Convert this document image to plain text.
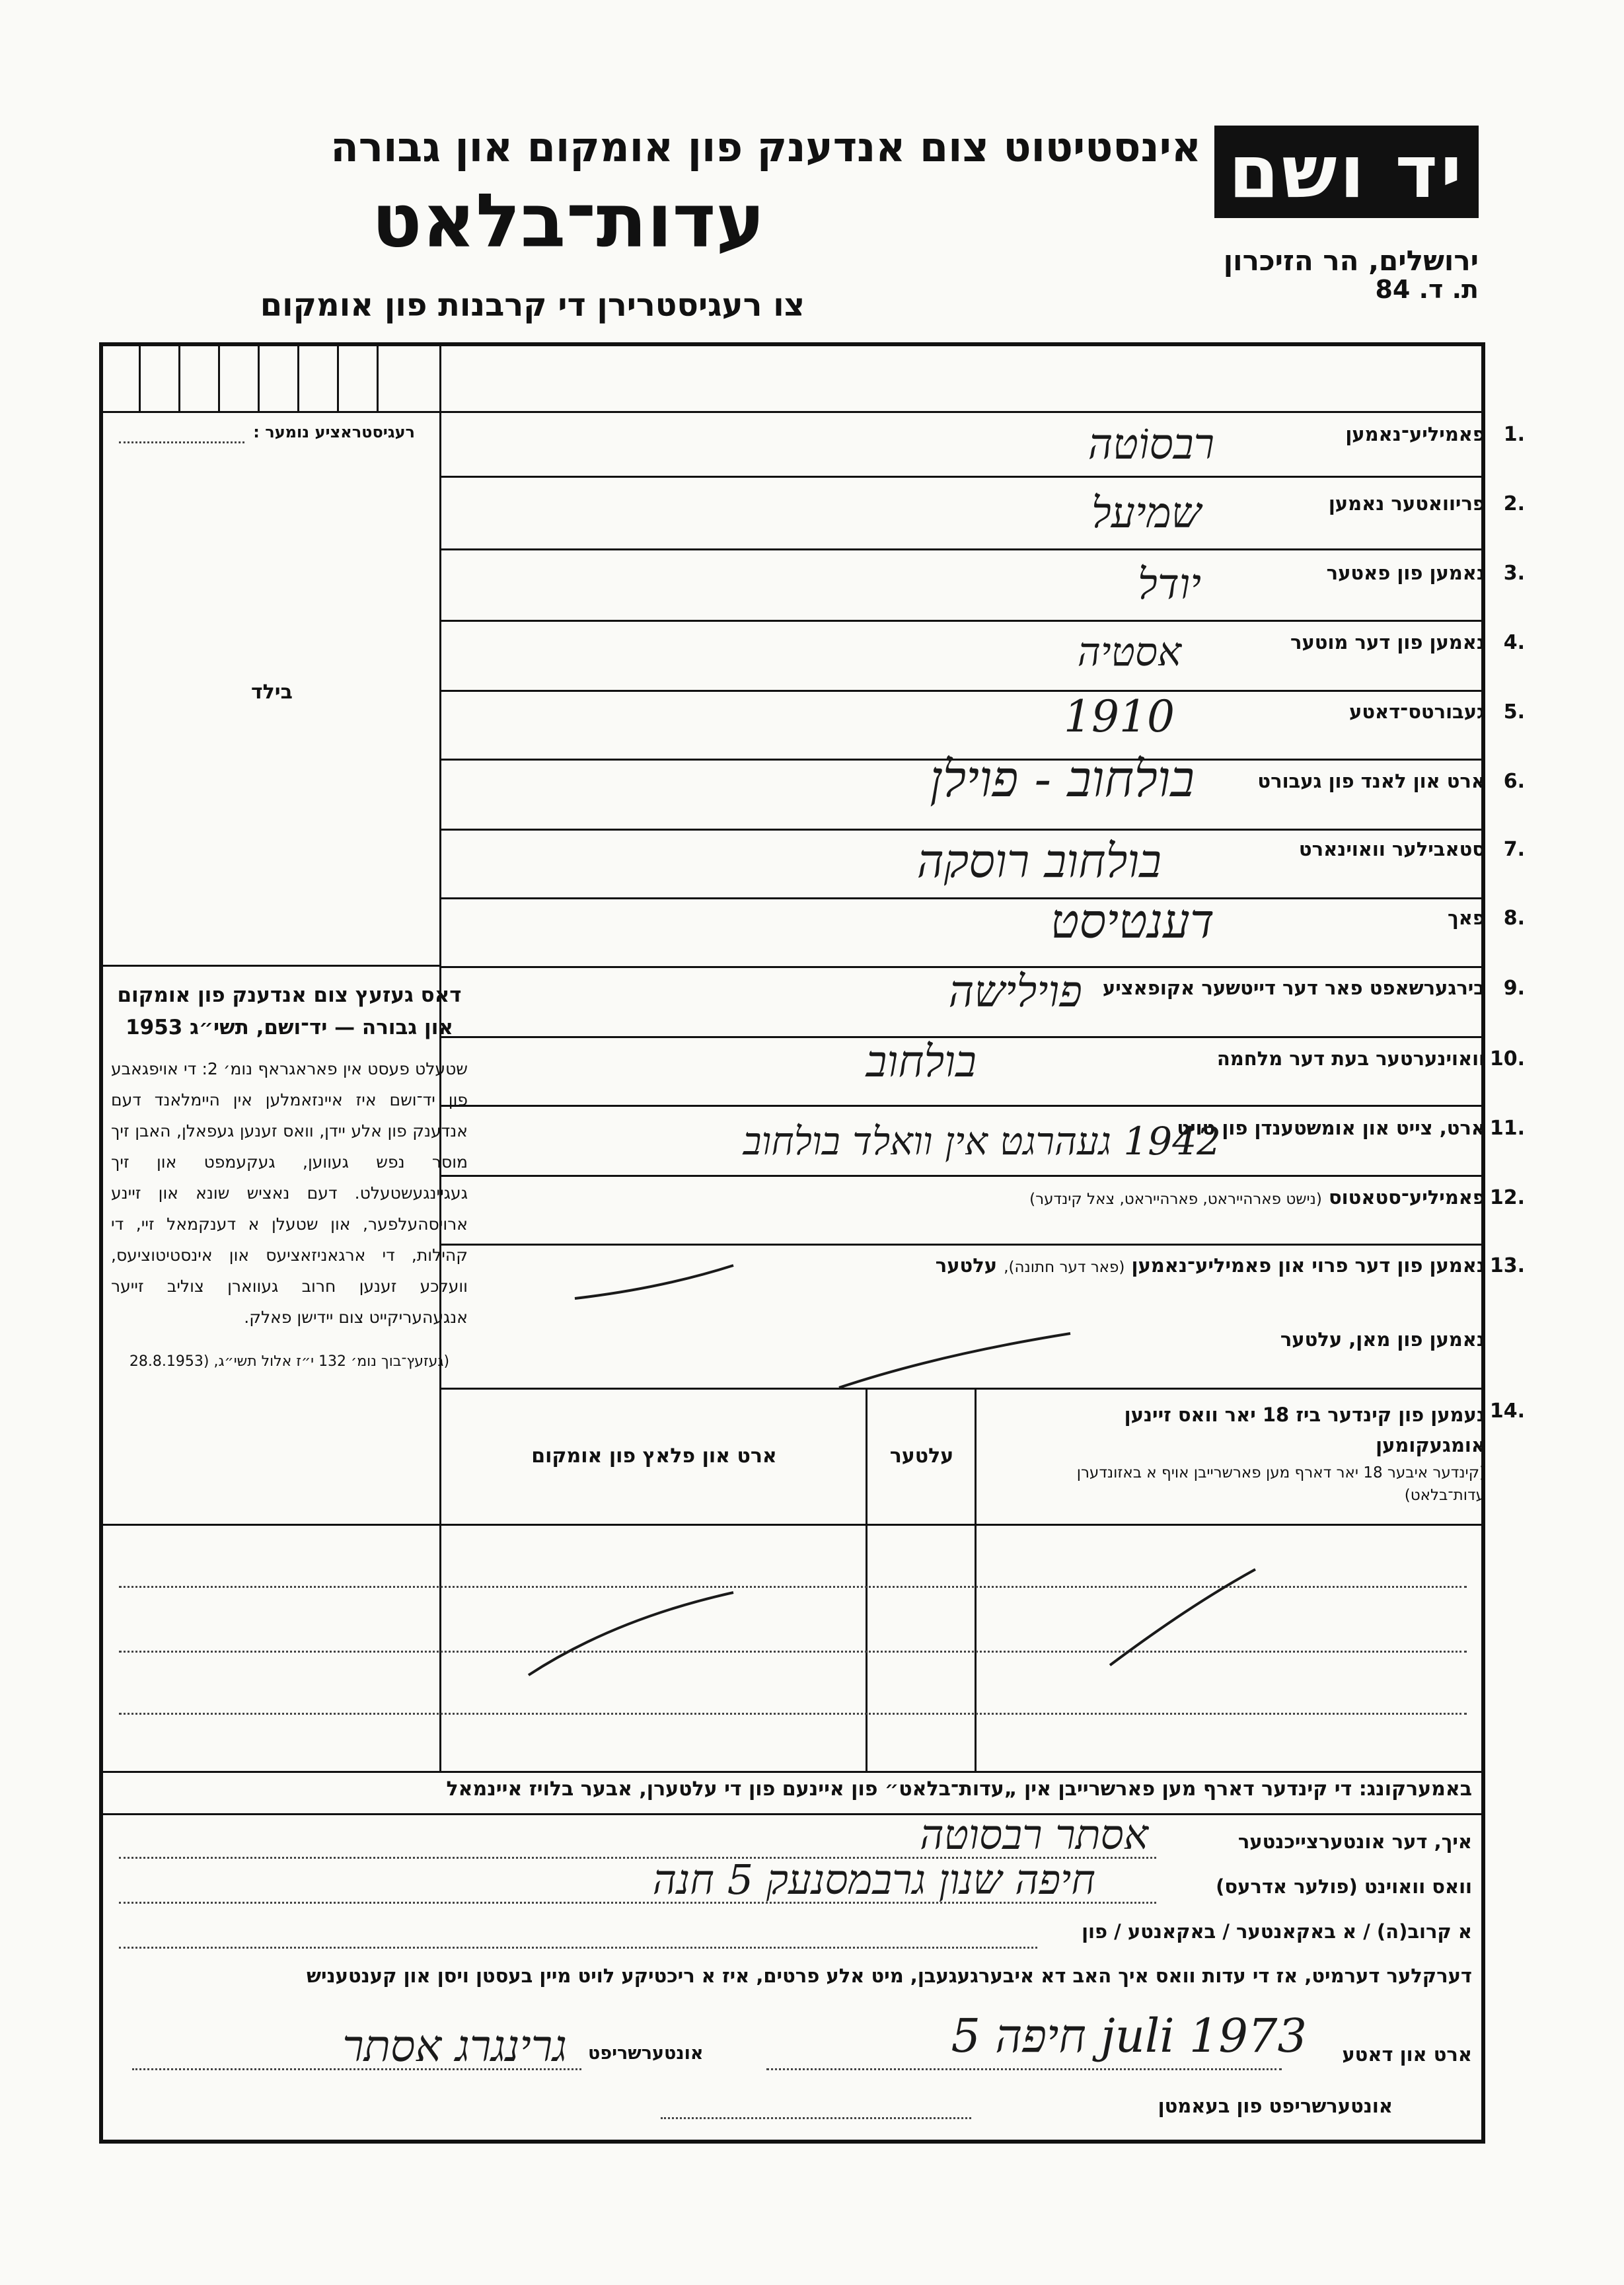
יד ושם
אינסטיטוט צום אנדענק פון אומקום און גבורה
עדות־בלאט
צו רעגיסטרירן די קרבנות פון אומקום
ירושלים, הר הזיכרון
ת. ד. 84
רעגיסטראציע נומער :
בילד
דאס געזעץ צום אנדענק פון אומקום און גבורה — יד־ושם, תשי״ג 1953
שטעלט פעסט אין פאראגראף נומ׳ 2: די אויפגאבע פון יד־ושם איז איינזאמלען אין היימלאנד דעם אנדענק פון אלע יידן, וואס זענען געפאלן, האבן זיך מוסר נפש געווען, געקעמפט און זיך געגיינגעשטעלט. דעם נאציש שונא און זיינע ארויסהעלפער, און שטעלן א דענקמאל זיי, די קהילות, די ארגאניזאציעס און אינסטיטוציעס, וועלכע זענען חרוב געווארן צוליב זייער אנגעהעריקייט צום יידישן פאלק.
(געזעץ־בוך נומ׳ 132 י״ז אלול תשי״ג, (28.8.1953
1.
פאמיליע־נאמען
2.
פריוואטער נאמען
3.
נאמען פון פאטער
4.
נאמען פון דער מוטער
5.
געבורטס־דאטע
6.
ארט און לאנד פון געבורט
7.
סטאבילער וואוינארט
8.
פאך
9.
בירגערשאפט פאר דער דייטשער אקופאציע
10.
וואוינערטער בעת דער מלחמה
11.
ארט, צייט און אומשטענדן פון טויט
12.
פאמיליע־סטאטוס (נישט פארהייראט, פארהייראט, צאל קינדער)
13.
נאמען פון דער פרוי און פאמיליע־נאמען (פאר דער חתונה), עלטער
נאמען פון מאן, עלטער
רבסוֹטה
שמיעל
יודל
אסטיה
1910
בולחוב - פוילן
בולחוב רוסקה
דענטיסט
פוילישה
בולחוב
1942 געהרגט אין וואלד בולחוב
14.
נעמען פון קינדער ביז 18 יאר וואס זיינען אומגעקומען
(קינדער איבער 18 יאר דארף מען פארשרייבן אויף א באזונדערן עדות־בלאט)
עלטער
ארט און פלאץ פון אומקום
באמערקונג: די קינדער דארף מען פארשרייבן אין „עדות־בלאט״ פון איינעם פון די עלטערן, אבער בלויז איינמאל
איך, דער אונטערצייכנטער
אסתר רבסוטה
וואס וואוינט (פולער אדרעס)
חיפה שנון גרבמסנעק 5 חנה
א קרוב(ה) / א באקאנטער / באקאנטע / פון
דערקלער דערמיט, אז די עדות וואס איך האב דא איבערגעגעבן, מיט אלע פרטים, איז א ריכטיקע לויט מיין בעסטן ויסן און קענטעניש
ארט און דאטע
חיפה 5 juli 1973
אונטערשריפט
גרינגרג אסתר
אונטערשריפט פון בעאמטן
